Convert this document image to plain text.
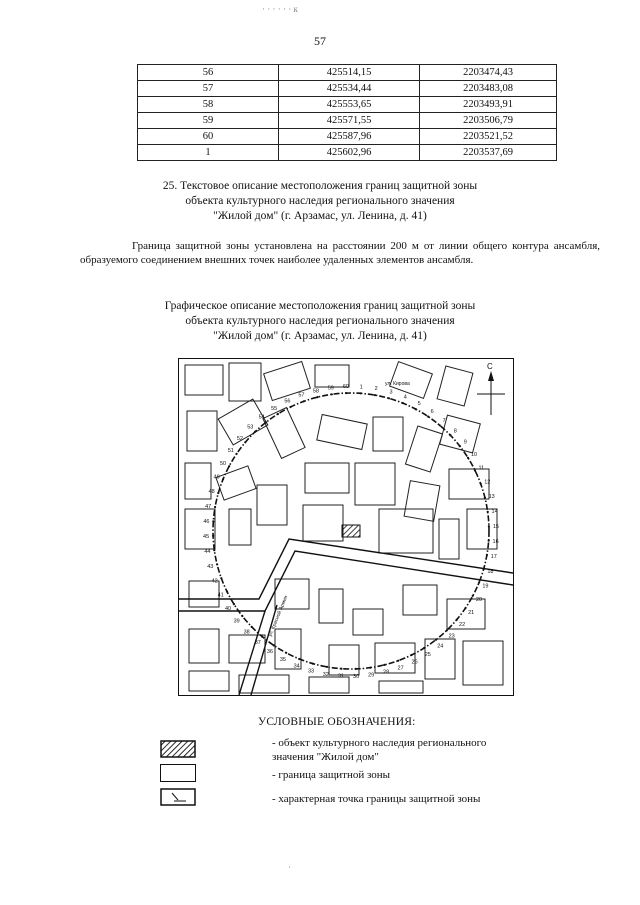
· · · · · · к
57
56	425514,15	2203474,43
57	425534,44	2203483,08
58	425553,65	2203493,91
59	425571,55	2203506,79
60	425587,96	2203521,52
1	425602,96	2203537,69
25. Текстовое описание местоположения границ защитной зоны
объекта культурного наследия регионального значения
"Жилой дом" (г. Арзамас, ул. Ленина, д. 41)
Граница защитной зоны установлена на расстоянии 200 м от линии общего контура ансамбля, образуемого соединением внешних точек наиболее удаленных элементов ансамбля.
Графическое описание местоположения границ защитной зоны
объекта культурного наследия регионального значения
"Жилой дом" (г. Арзамас, ул. Ленина, д. 41)
1 2
3
4
5
6
7
8
9
10
11
12
13
14
15
16
17
18
19
20
21
22
23
24
25
26
27
28
29
30
31
32
33
34
35
36
37
38
39
40
41
42
43
44
45
46
47
48
49
50
51
52
53
54
55
56
57
58 59 60
ул. Кирова
ул. Красной Армии
С
УСЛОВНЫЕ ОБОЗНАЧЕНИЯ:
- объект культурного наследия регионального
значения "Жилой дом"
- граница защитной зоны
- характерная точка границы защитной зоны
·
